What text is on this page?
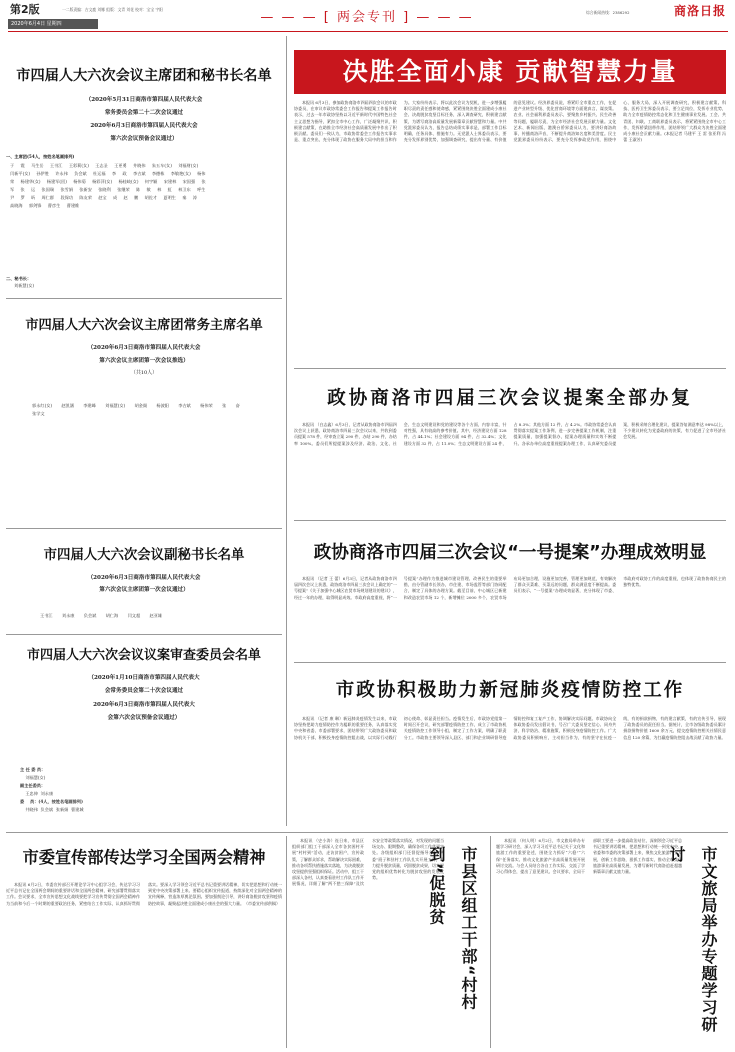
第2版	一二版责编：吉文鹿 刘娜 组版：文青 刘花 校对：宝宝 宇阳
2020年6月4日 星期四	— — — [ 两会专刊 ] — — —	综合新闻热线：2386292	商洛日报
市四届人大六次会议主席团和秘书长名单
（2020年5月31日商洛市第四届人民代表大会
常务委员会第二十二次会议通过
2020年6月3日商洛市第四届人民代表大会
第六次会议预备会议通过）
一、主席团(54人，按姓名笔画排列)
于 霞 马生岳 王书江 王彩莉(女) 王志圣 王更勇 井晓伟 朱五车(女) 刘福财(女) 闫新平(女) 孙伊胜 许永伟 负会斌 杜运福 李 政 李吉斌 李德栋 李敏艳(女) 杨伟荣 杨建华(女) 杨建军(回) 杨伟菊 杨彩萍(女) 杨桂岐(女) 何宇颖 宋建林 宋国强 张 军 张 运 张国瑞 张雪娟 张新安 张晓利 张继荣 陈 敏 林 虹 林卫东 呼生尹 罗 昕 周仁群 段保功 陈友荣 赵宝 成 赵 鹏 胡佐才 夏明生 秦 涛 高晓海 郭剑锋 曹彦生 曹建维
二、秘书长：
刘新慧(女)
市四届人大六次会议主席团常务主席名单
（2020年6月3日商洛市第四届人民代表大会
第六次会议主席团第一次会议推选）
（共10人）
郭永红(女) 赵凯涵 李建峰 刘福慧(女) 胡金阁 杨波阳 李吉斌 杨伟荣 张 奋 张学文
市四届人大六次会议副秘书长名单
（2020年6月3日商洛市第四届人民代表大会
第六次会议主席团第一次会议通过）
王书江 刘永康 负会斌 胡仁海 闫文超 赵亚雄
市四届人大六次会议议案审查委员会名单
（2020年1月10日商洛市第四届人民代表大
会常务委员会第二十次会议通过
2020年6月3日商洛市第四届人民代表大
会第六次会议预备会议通过）
主 任 委 员：
刘福慧(女)
副主任委员：
王忠伸  刘永康
委    员：(4人，按姓名笔画排列)
井晓伟  负会斌  张新娟  曹建城
决胜全面小康 贡献智慧力量
本报讯 6月3日，参加政协商洛市四届四次会议的市政协委员，在审议市政协常委会工作报告和提案工作报告时表示，过去一年市政协坚持以习近平新时代中国特色社会主义思想为指导，紧扣全市中心工作，广泛凝聚共识，积极建言献策，在助推全市经济社会高质量发展中作出了积极贡献。委员们一致认为，市政协常委会工作报告实事求是、重点突出，充分体现了政协在服务大局中的担当和作为。大家纷纷表示，将以此次会议为契机，进一步增强履职尽责的责任感和使命感，紧紧围绕决胜全面建成小康社会、决战脱贫攻坚目标任务，深入调查研究，积极建言献策，为谱写商洛高质量发展新篇章贡献智慧和力量。中共党派界委员认为，报告总结成绩实事求是，部署工作目标明确，任务具体、措施有力。无党派人士界委员表示，要充分发挥界别优势，加强调查研究，提出有分量、有价值的意见建议。经济界委员说，将紧盯全市重点工作，在促进产业转型升级、优化营商环境等方面建真言、谋良策。农业、社会福利界委员表示，要聚焦乡村振兴、民生改善等问题，履职尽责，为全市经济社会发展贡献力量。文化艺术、新闻出版、港澳台侨界委员认为，要讲好商洛故事，传播商洛声音，不断提升商洛知名度和美誉度。民主党派界委员纷纷表示，要充分发挥参政党作用，围绕中心、服务大局，深入开展调查研究，积极建言献策。科技、医药卫生界委员表示，要立足岗位，发挥专业优势，助力全市疫情防控常态化和卫生健康事业发展。工会、共青团、妇联、工商联界委员表示，将紧紧围绕全市中心工作，发挥桥梁纽带作用，团结带领广大群众为决胜全面建成小康社会贡献力量。(本报记者 马建平 王 雷 张亚利 冯 蕾 王淑芳)
政协商洛市四届三次会议提案全部办复
本报讯 （白志鑫）6月3日，记者从政协商洛市四届四次会议上获悉，政协商洛市四届三次会议以来，共收到委员提案 578 件，经审查立案 290 件，办结 290 件，办结率 100%。委员们所提提案涉及经济、政治、文化、社会、生态文明建设和党的建设等各个方面，内容丰富，针对性强，具有较高的参考价值。其中，经济建设方面 128 件，占 44.1%；社会建设方面 94 件，占 32.4%；文化建设方面 32 件，占 11.0%；生态文明建设方面 24 件，占 8.3%；其他方面 12 件，占 4.2%。市政协常委会认真贯彻落实提案工作条例，进一步完善提案工作机制，注重提案质量，加强提案督办，提案办理质量和实效不断提升。各承办单位高度重视提案办理工作，认真研究委员提案，积极采纳合理化建议，提案答复满意率达 98%以上，不少建议转化为党委政府的决策，有力促进了全市经济社会发展。
政协商洛市四届三次会议“一号提案”办理成效明显
本报讯 （记者 王 蕾）6月3日，记者从政协商洛市四届四次会议上获悉，政协商洛市四届三次会议上确定的“一号提案”《关于加强中心城区农贸市场规划建设的建议》，经过一年的办理，取得明显成效。市政府高度重视，将“一号提案”办理作为推进城市建设管理、改善民生的重要举措，由分管副市长领办，市住建、市场监管等部门协同配合，制定了具体的办理方案。截至目前，中心城区已新建和改造农贸市场 12 个，新增摊位 2000 多个，农贸市场布局更加合理，设施更加完善，管理更加规范，有效解决了群众买菜难、买菜远的问题，群众满意度不断提高。委员们表示，“一号提案”办理成效显著，充分体现了市委、市政府对政协工作的高度重视，也体现了政协协商民主的独特优势。
市政协积极助力新冠肺炎疫情防控工作
本报讯 （记者 康 琳）新冠肺炎疫情发生以来，市政协坚持把助力疫情防控作为履职的重要任务，认真落实党中央和省委、市委部署要求，团结带领广大政协委员和政协机关干部，积极投身疫情防控阻击战，以实际行动践行初心使命、彰显责任担当。疫情发生后，市政协党组第一时间召开会议，研究部署疫情防控工作，成立了市政协机关疫情防控工作领导小组，制定了工作方案，明确了职责分工。市政协主要领导深入县区、部门和企业调研督导疫情防控和复工复产工作，协调解决实际问题。市政协向全体政协委员发出倡议书，号召广大委员坚定信心、同舟共济，科学防治、精准施策，积极投身疫情防控工作。广大政协委员积极响应，主动担当作为，有的坚守在抗疫一线，有的捐款捐物，有的建言献策，有的宣传引导，展现了政协委员的责任担当。据统计，全市各级政协委员累计捐款捐物价值 1600 余万元，提交疫情防控相关社情民意信息 120 余篇，为打赢疫情防控阻击战贡献了政协力量。
市委宣传部传达学习全国两会精神
本报讯 6月2日，市委宣传部召开理论学习中心组学习会，传达学习习近平总书记在全国两会期间的重要讲话和全国两会精神，研究部署贯彻落实工作。会议要求，全市宣传思想文化战线要把学习宣传贯彻全国两会精神作为当前和今后一个时期的重要政治任务，紧密结合工作实际，认真抓好贯彻落实。要深入学习领会习近平总书记重要讲话精神，切实把思想和行动统一到党中央决策部署上来。要精心组织宣传报道，持续深化对全国两会精神的宣传阐释，营造浓厚舆论氛围。要加强舆论引导，讲好商洛脱贫攻坚和疫情防控故事，凝聚起决胜全面建成小康社会的强大力量。（市委宣传部供稿）
本报讯 （史小涛）连日来，市县区组织部门组工干部深入全市各贫困村开展“村村到”活动，走访贫困户，宣传政策，了解群众诉求，帮助解决实际困难，推动各项帮扶措施落实落地，为决战脱贫攻坚提供坚强组织保证。活动中，组工干部深入各村，认真查看驻村工作队工作开展情况，详细了解“两不愁三保障”及饮水安全等政策落实情况，对发现的问题当场交办、限期整改，确保各项工作落到实处。各级组织部门还督促指导各村“两委”班子和驻村工作队扎实开展工作，着力提升脱贫质量，巩固脱贫成果，切实把党的组织优势转化为脱贫攻坚的发展优势。	市县区组工干部“村村到”促脱贫
本报讯 （何人明）6月2日，市文旅局举办专题学习研讨会，深入学习习近平总书记关于文化和旅游工作的重要论述，围绕全力抓好“六稳”“六保”任务落实、推动文化旅游产业高质量发展开展研讨交流。与会人员结合各自工作实际，交流了学习心得体会，提出了意见建议。会议要求，全局干部职工要进一步提高政治站位，深刻领会习近平总书记重要讲话精神，把思想和行动统一到党中央、省委和市委的决策部署上来，聚焦文化旅游产业发展，创新工作思路，狠抓工作落实，推动全市文化旅游事业高质量发展，为谱写新时代商洛追赶超越新篇章贡献文旅力量。	市文旅局举办专题学习研讨
